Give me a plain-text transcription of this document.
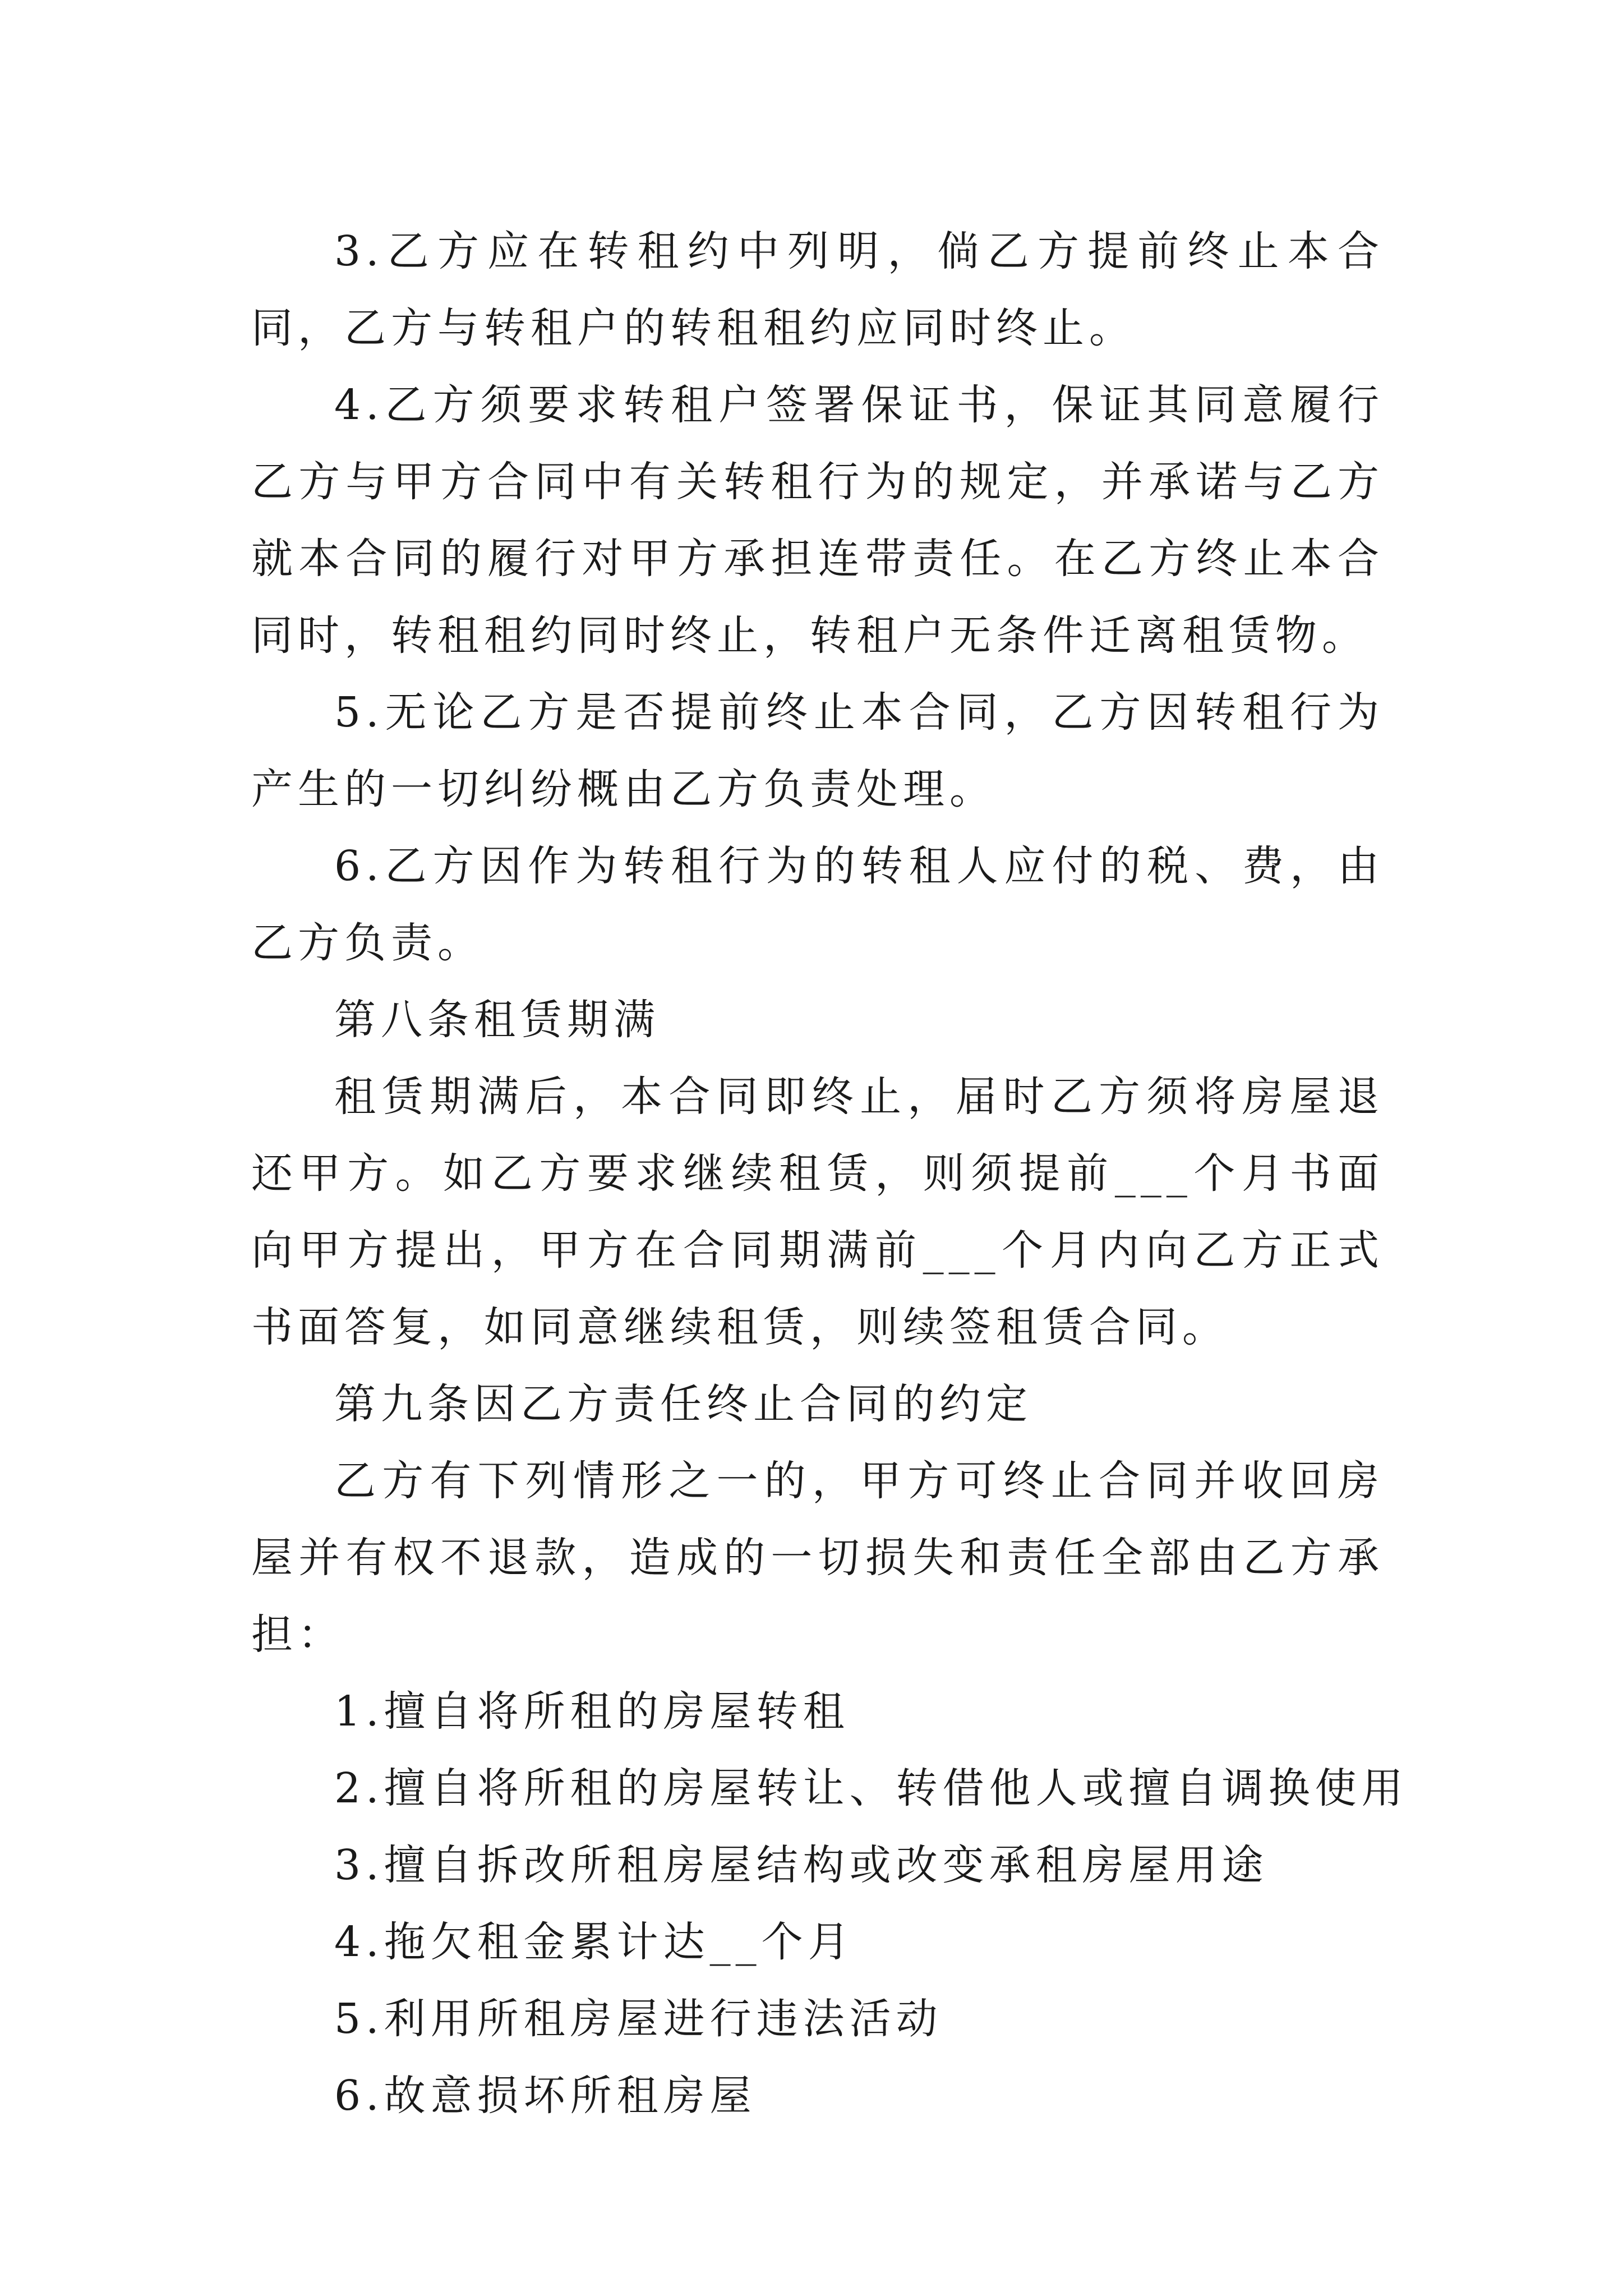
3.乙方应在转租约中列明，倘乙方提前终止本合同，乙方与转租户的转租租约应同时终止。

4.乙方须要求转租户签署保证书，保证其同意履行乙方与甲方合同中有关转租行为的规定，并承诺与乙方就本合同的履行对甲方承担连带责任。在乙方终止本合同时，转租租约同时终止，转租户无条件迁离租赁物。

5.无论乙方是否提前终止本合同，乙方因转租行为产生的一切纠纷概由乙方负责处理。

6.乙方因作为转租行为的转租人应付的税、费，由乙方负责。

第八条租赁期满

租赁期满后，本合同即终止，届时乙方须将房屋退还甲方。如乙方要求继续租赁，则须提前___个月书面向甲方提出，甲方在合同期满前___个月内向乙方正式书面答复，如同意继续租赁，则续签租赁合同。

第九条因乙方责任终止合同的约定

乙方有下列情形之一的，甲方可终止合同并收回房屋并有权不退款，造成的一切损失和责任全部由乙方承担：

1.擅自将所租的房屋转租

2.擅自将所租的房屋转让、转借他人或擅自调换使用

3.擅自拆改所租房屋结构或改变承租房屋用途

4.拖欠租金累计达__个月

5.利用所租房屋进行违法活动

6.故意损坏所租房屋
